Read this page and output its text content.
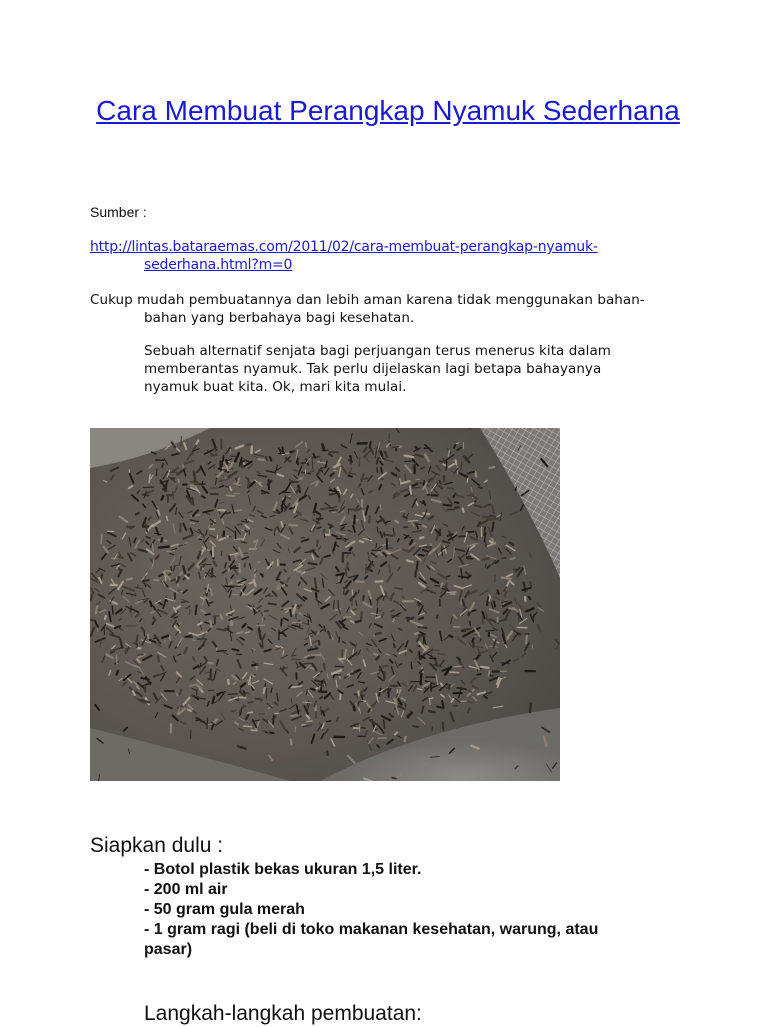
Cara Membuat Perangkap Nyamuk Sederhana
Sumber :
http://lintas.bataraemas.com/2011/02/cara-membuat-perangkap-nyamuk-
sederhana.html?m=0
Cukup mudah pembuatannya dan lebih aman karena tidak menggunakan bahan-
bahan yang berbahaya bagi kesehatan.
Sebuah alternatif senjata bagi perjuangan terus menerus kita dalam
memberantas nyamuk. Tak perlu dijelaskan lagi betapa bahayanya
nyamuk buat kita. Ok, mari kita mulai.
Siapkan dulu :
- Botol plastik bekas ukuran 1,5 liter.
- 200 ml air
- 50 gram gula merah
- 1 gram ragi (beli di toko makanan kesehatan, warung, atau
pasar)
Langkah-langkah pembuatan:
